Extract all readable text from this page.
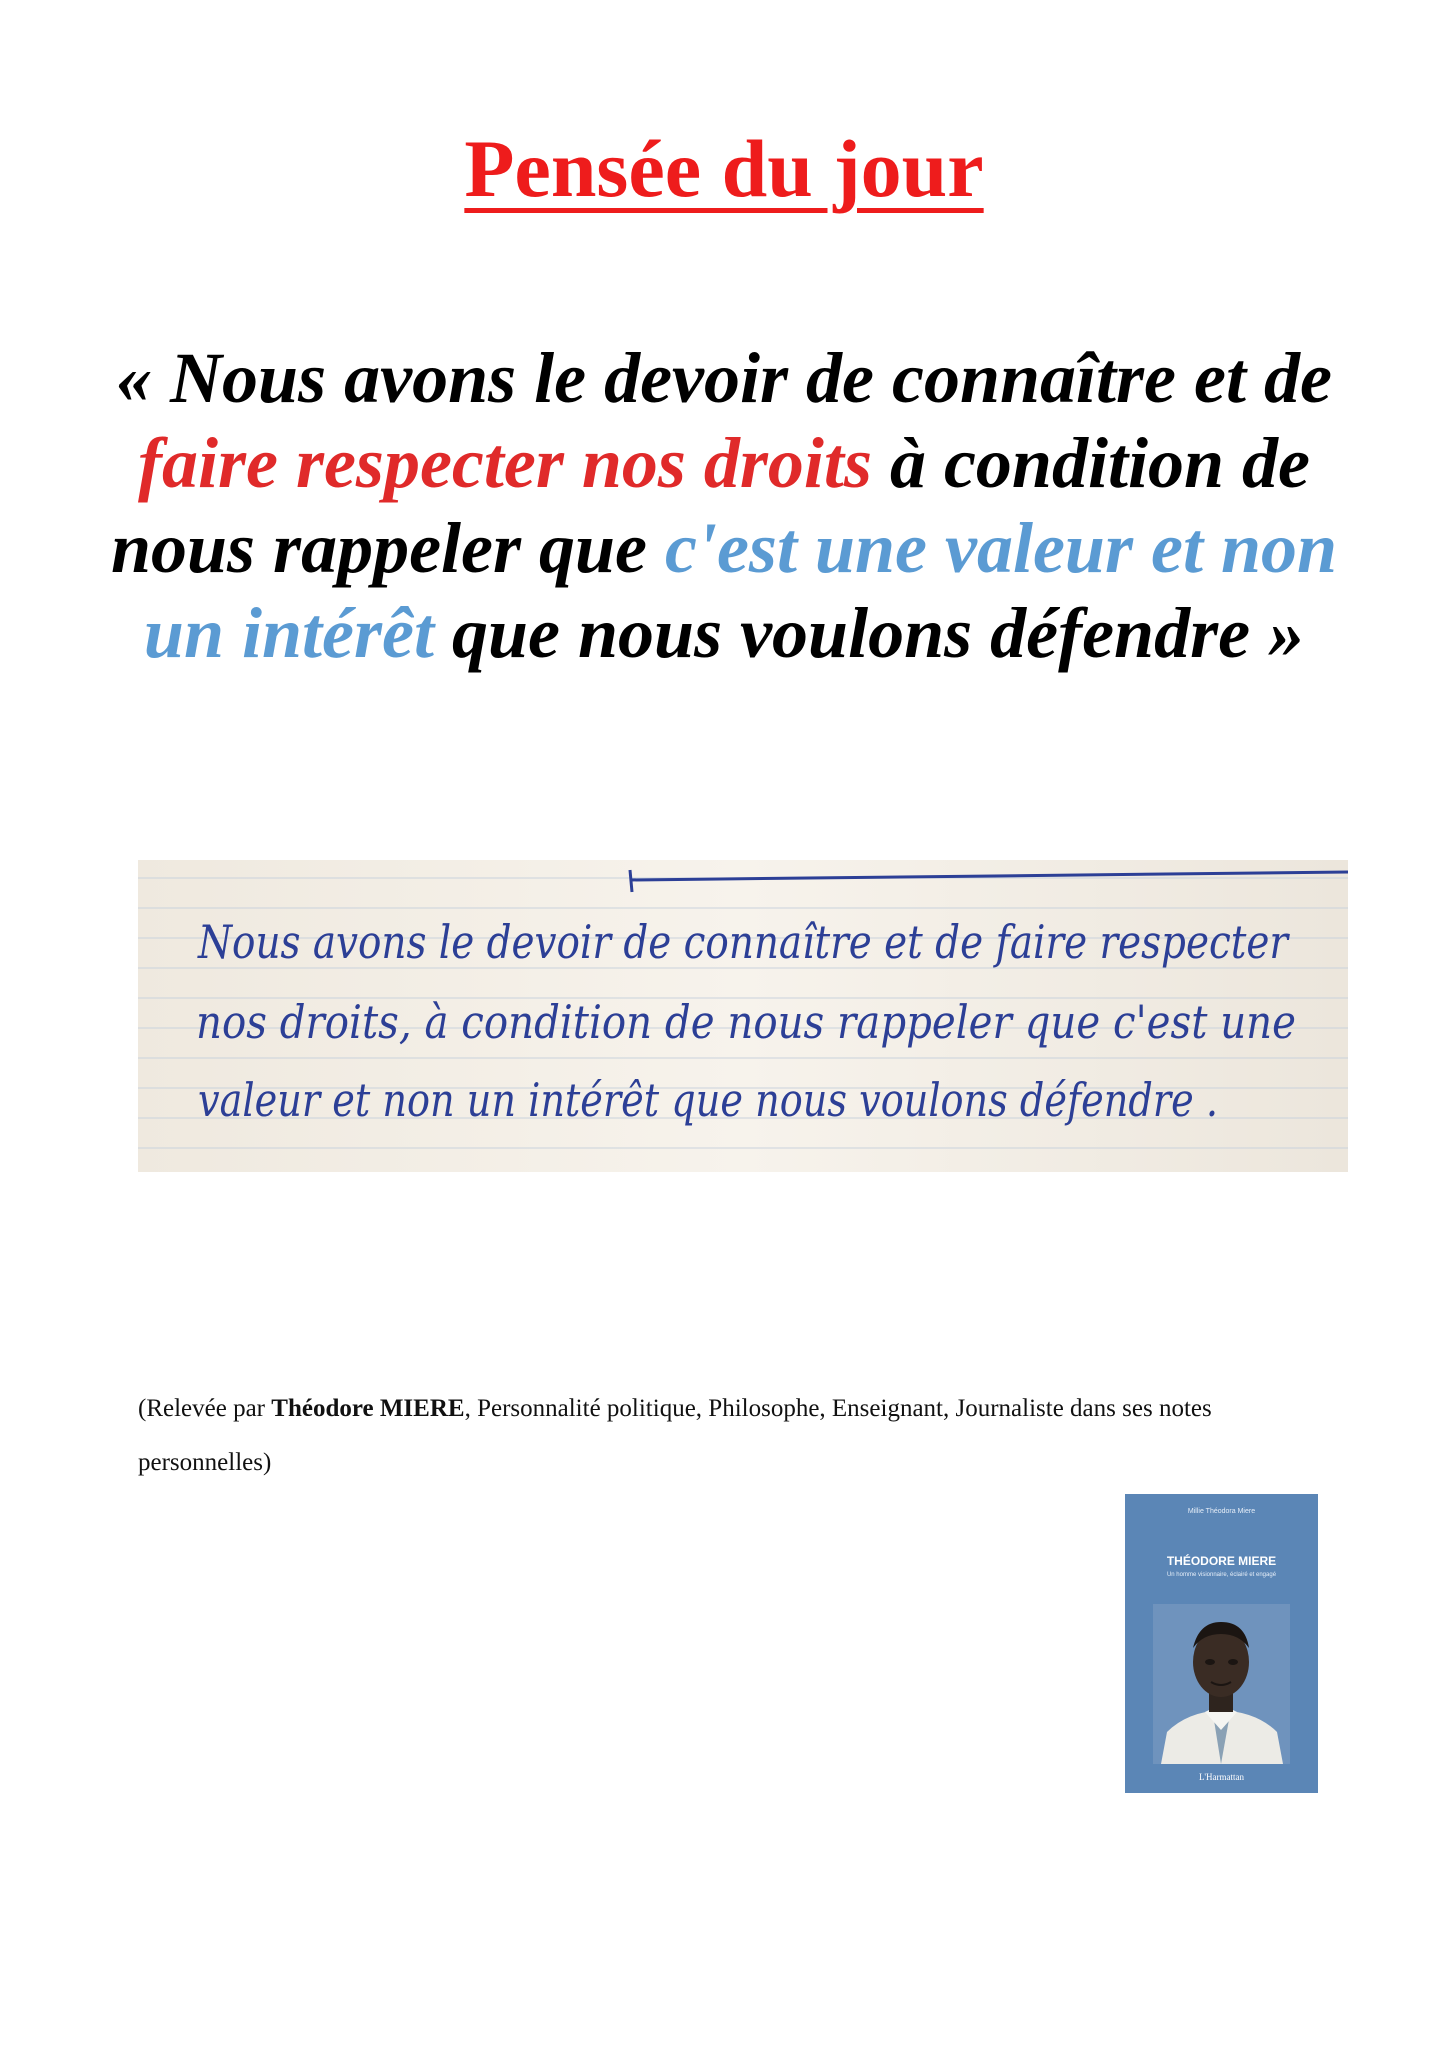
Pensée du jour

« Nous avons le devoir de connaître et de faire respecter nos droits à condition de nous rappeler que c'est une valeur et non un intérêt que nous voulons défendre »

Nous avons le devoir de connaître et de faire respecter
nos droits, à condition de nous rappeler que c'est une
valeur et non un intérêt que nous voulons défendre .

(Relevée par Théodore MIERE, Personnalité politique, Philosophe, Enseignant, Journaliste dans ses notes personnelles)

Millie Théodora Miere
THÉODORE MIERE
Un homme visionnaire, éclairé et engagé
L'Harmattan
